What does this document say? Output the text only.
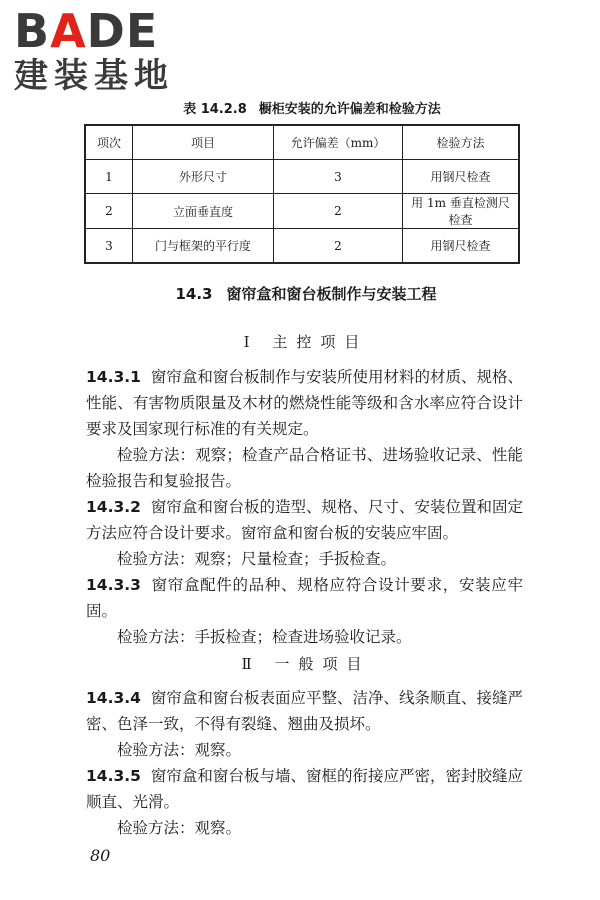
BADE
建装基地
表 14.2.8 橱柜安装的允许偏差和检验方法
项次	项目	允许偏差（mm）	检验方法
1	外形尺寸	3	用钢尺检查
2	立面垂直度	2	用 1m 垂直检测尺检查
3	门与框架的平行度	2	用钢尺检查
14.3 窗帘盒和窗台板制作与安装工程
Ⅰ 主控项目

14.3.1 窗帘盒和窗台板制作与安装所使用材料的材质、规格、性能、有害物质限量及木材的燃烧性能等级和含水率应符合设计要求及国家现行标准的有关规定。

检验方法：观察；检查产品合格证书、进场验收记录、性能检验报告和复验报告。

14.3.2 窗帘盒和窗台板的造型、规格、尺寸、安装位置和固定方法应符合设计要求。窗帘盒和窗台板的安装应牢固。

检验方法：观察；尺量检查；手扳检查。

14.3.3 窗帘盒配件的品种、规格应符合设计要求，安装应牢固。

检验方法：手扳检查；检查进场验收记录。

Ⅱ 一般项目

14.3.4 窗帘盒和窗台板表面应平整、洁净、线条顺直、接缝严密、色泽一致，不得有裂缝、翘曲及损坏。

检验方法：观察。

14.3.5 窗帘盒和窗台板与墙、窗框的衔接应严密，密封胶缝应顺直、光滑。

检验方法：观察。

80
